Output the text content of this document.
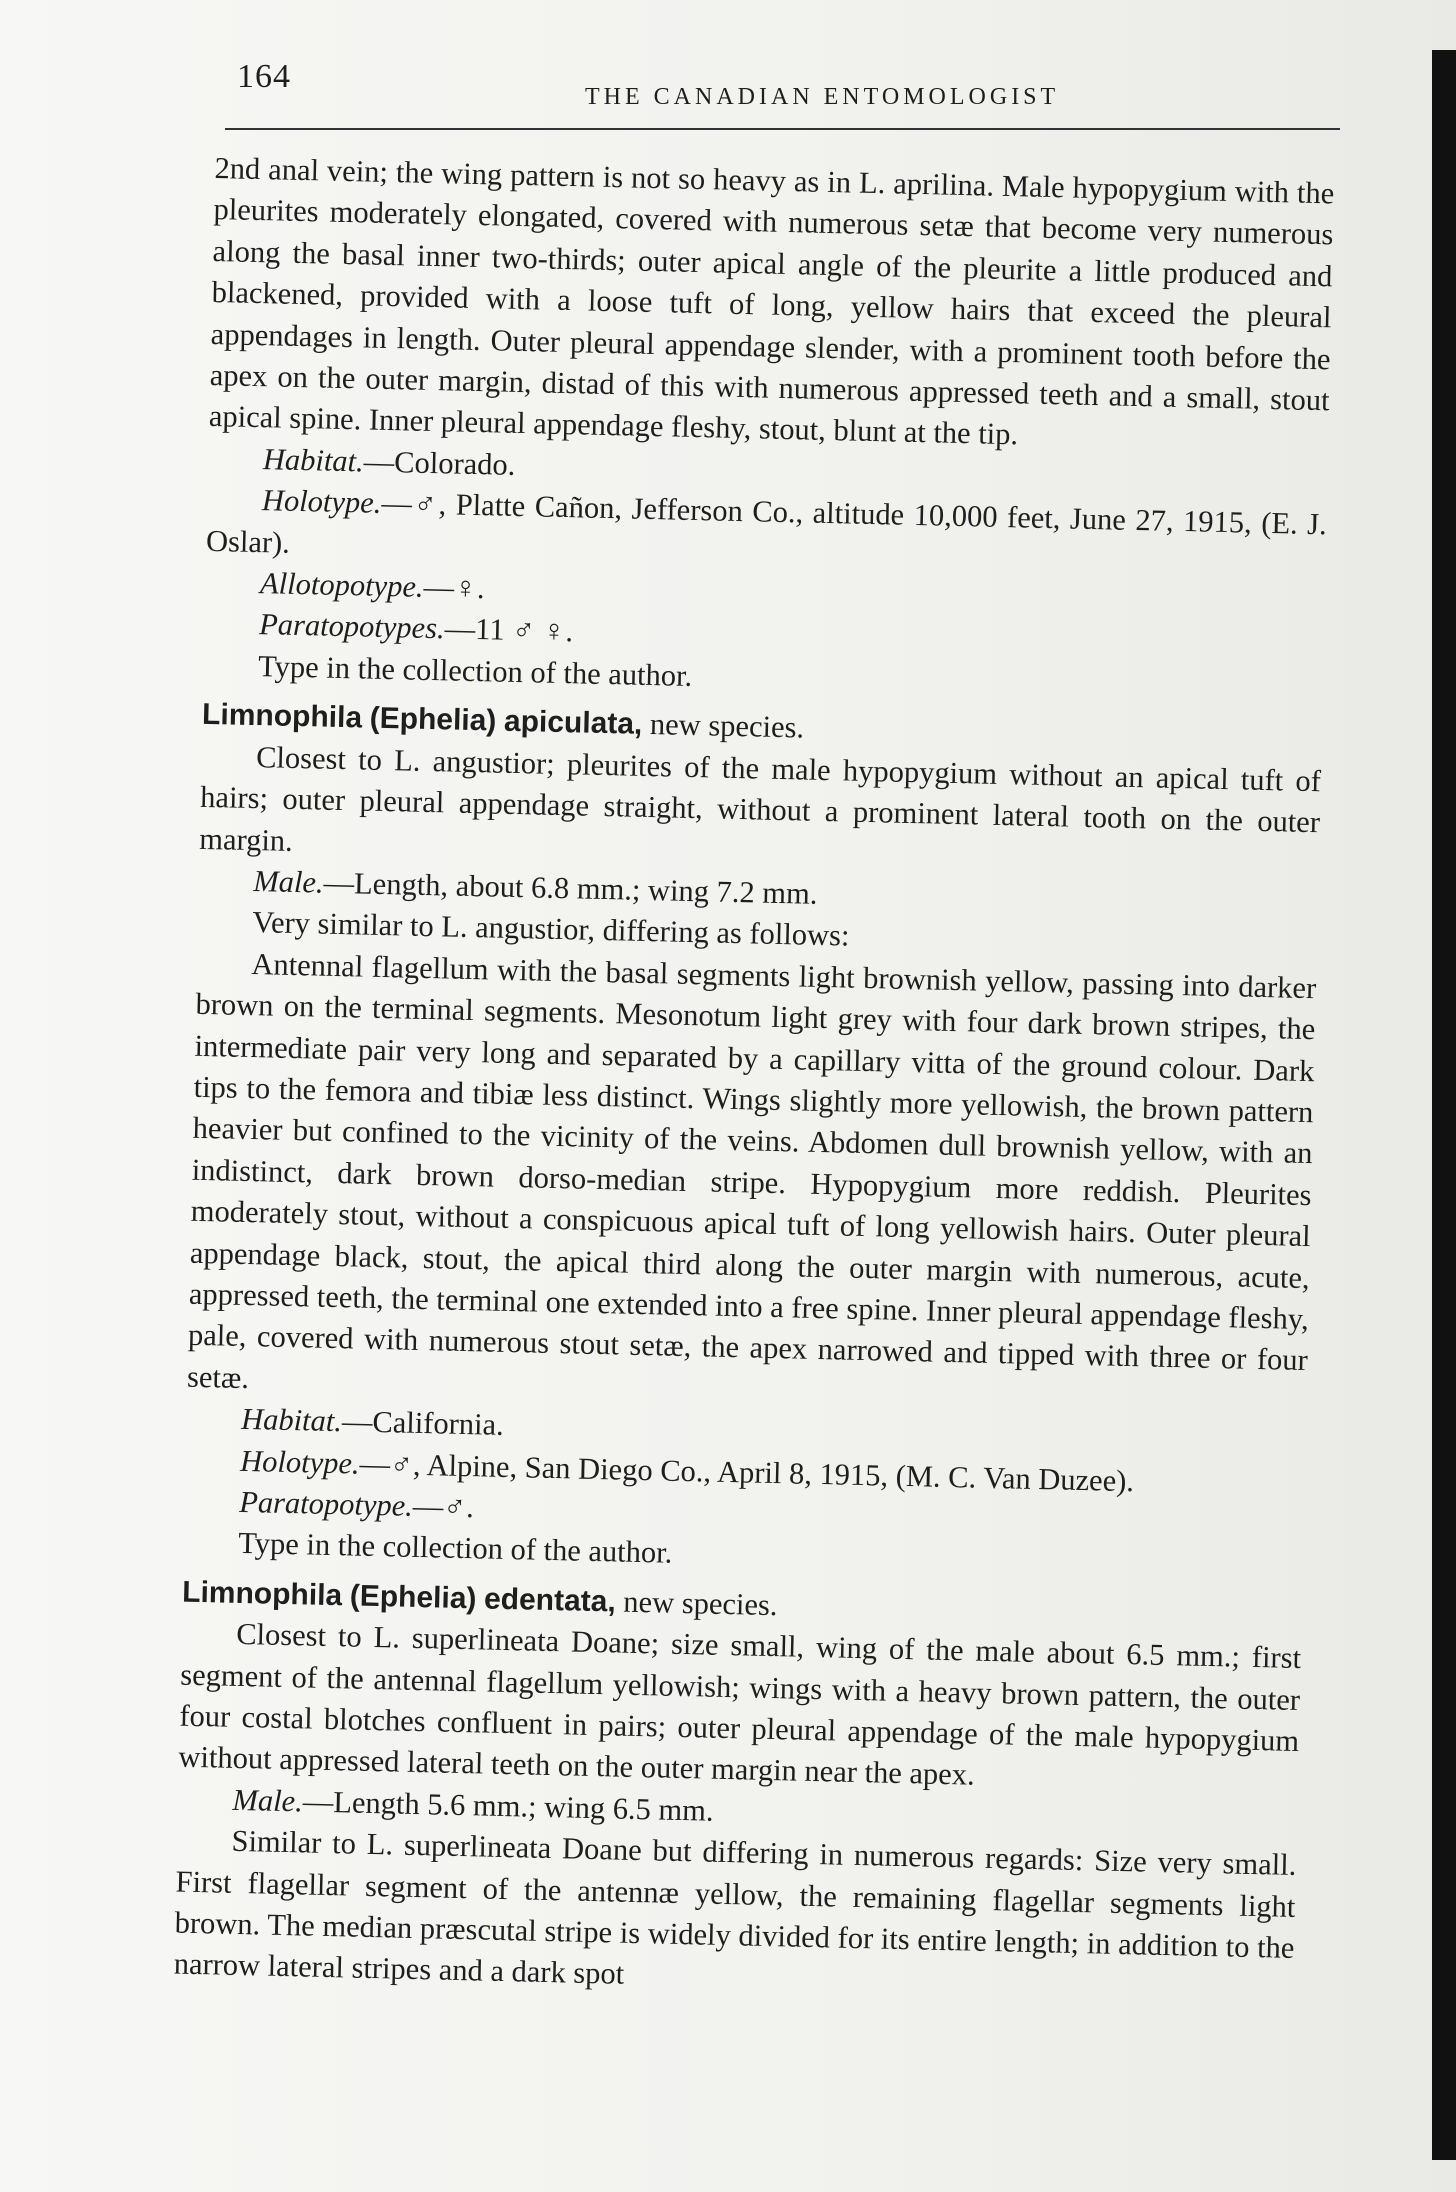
164
THE CANADIAN ENTOMOLOGIST

2nd anal vein; the wing pattern is not so heavy as in L. aprilina. Male hypopygium with the pleurites moderately elongated, covered with numerous setæ that become very numerous along the basal inner two-thirds; outer apical angle of the pleurite a little produced and blackened, provided with a loose tuft of long, yellow hairs that exceed the pleural appendages in length. Outer pleural appendage slender, with a prominent tooth before the apex on the outer margin, distad of this with numerous appressed teeth and a small, stout apical spine. Inner pleural appendage fleshy, stout, blunt at the tip.

Habitat.—Colorado.

Holotype.—♂, Platte Cañon, Jefferson Co., altitude 10,000 feet, June 27, 1915, (E. J. Oslar).

Allotopotype.—♀.

Paratopotypes.—11 ♂ ♀.

Type in the collection of the author.

Limnophila (Ephelia) apiculata, new species.

Closest to L. angustior; pleurites of the male hypopygium without an apical tuft of hairs; outer pleural appendage straight, without a prominent lateral tooth on the outer margin.

Male.—Length, about 6.8 mm.; wing 7.2 mm.

Very similar to L. angustior, differing as follows:

Antennal flagellum with the basal segments light brownish yellow, passing into darker brown on the terminal segments. Mesonotum light grey with four dark brown stripes, the intermediate pair very long and separated by a capillary vitta of the ground colour. Dark tips to the femora and tibiæ less distinct. Wings slightly more yellowish, the brown pattern heavier but confined to the vicinity of the veins. Abdomen dull brownish yellow, with an indistinct, dark brown dorso-median stripe. Hypopygium more reddish. Pleurites moderately stout, without a conspicuous apical tuft of long yellowish hairs. Outer pleural appendage black, stout, the apical third along the outer margin with numerous, acute, appressed teeth, the terminal one extended into a free spine. Inner pleural appendage fleshy, pale, covered with numerous stout setæ, the apex narrowed and tipped with three or four setæ.

Habitat.—California.

Holotype.—♂, Alpine, San Diego Co., April 8, 1915, (M. C. Van Duzee).

Paratopotype.—♂.

Type in the collection of the author.

Limnophila (Ephelia) edentata, new species.

Closest to L. superlineata Doane; size small, wing of the male about 6.5 mm.; first segment of the antennal flagellum yellowish; wings with a heavy brown pattern, the outer four costal blotches confluent in pairs; outer pleural appendage of the male hypopygium without appressed lateral teeth on the outer margin near the apex.

Male.—Length 5.6 mm.; wing 6.5 mm.

Similar to L. superlineata Doane but differing in numerous regards: Size very small. First flagellar segment of the antennæ yellow, the remaining flagellar segments light brown. The median præscutal stripe is widely divided for its entire length; in addition to the narrow lateral stripes and a dark spot
